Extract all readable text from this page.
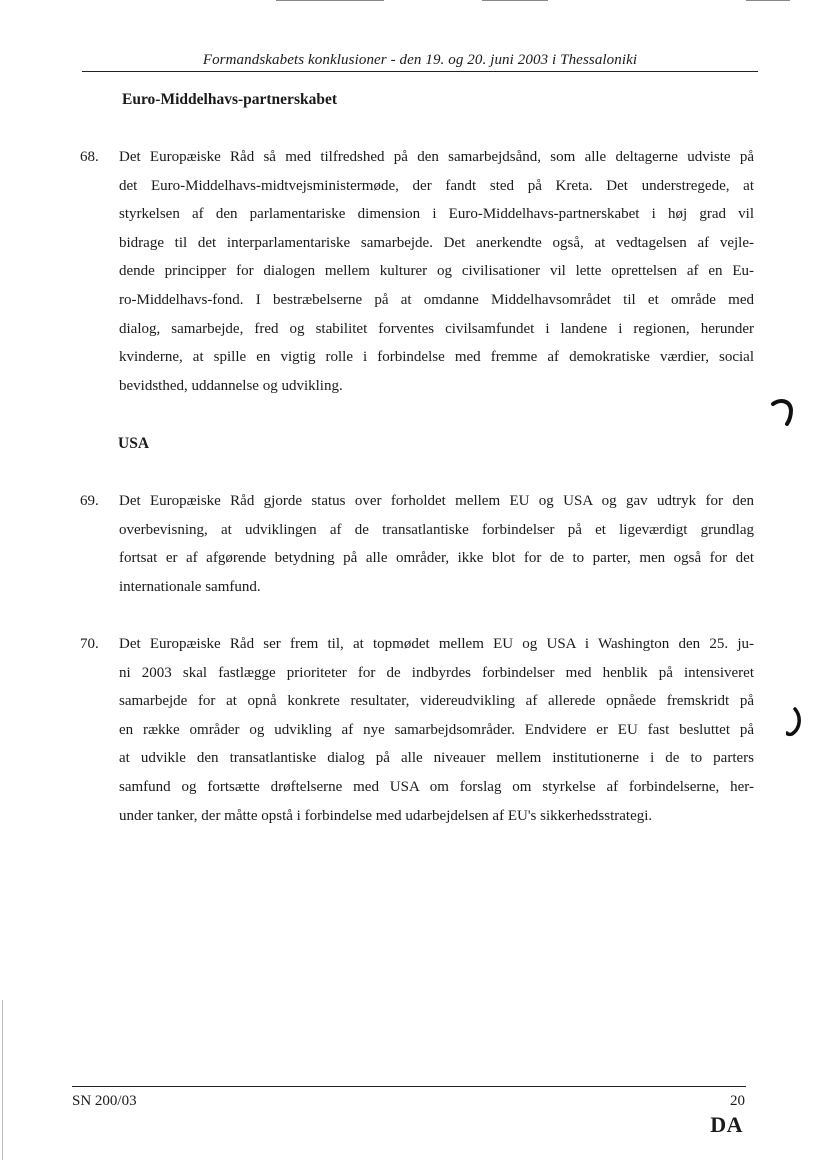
Formandskabets konklusioner - den 19. og 20. juni 2003 i Thessaloniki
Euro-Middelhavs-partnerskabet
68. Det Europæiske Råd så med tilfredshed på den samarbejdsånd, som alle deltagerne udviste på
det Euro-Middelhavs-midtvejsministermøde, der fandt sted på Kreta. Det understregede, at
styrkelsen af den parlamentariske dimension i Euro-Middelhavs-partnerskabet i høj grad vil
bidrage til det interparlamentariske samarbejde. Det anerkendte også, at vedtagelsen af vejle-
dende principper for dialogen mellem kulturer og civilisationer vil lette oprettelsen af en Eu-
ro-Middelhavs-fond. I bestræbelserne på at omdanne Middelhavsområdet til et område med
dialog, samarbejde, fred og stabilitet forventes civilsamfundet i landene i regionen, herunder
kvinderne, at spille en vigtig rolle i forbindelse med fremme af demokratiske værdier, social
bevidsthed, uddannelse og udvikling.
USA
69. Det Europæiske Råd gjorde status over forholdet mellem EU og USA og gav udtryk for den
overbevisning, at udviklingen af de transatlantiske forbindelser på et ligeværdigt grundlag
fortsat er af afgørende betydning på alle områder, ikke blot for de to parter, men også for det
internationale samfund.
70. Det Europæiske Råd ser frem til, at topmødet mellem EU og USA i Washington den 25. ju-
ni 2003 skal fastlægge prioriteter for de indbyrdes forbindelser med henblik på intensiveret
samarbejde for at opnå konkrete resultater, videreudvikling af allerede opnåede fremskridt på
en række områder og udvikling af nye samarbejdsområder. Endvidere er EU fast besluttet på
at udvikle den transatlantiske dialog på alle niveauer mellem institutionerne i de to parters
samfund og fortsætte drøftelserne med USA om forslag om styrkelse af forbindelserne, her-
under tanker, der måtte opstå i forbindelse med udarbejdelsen af EU's sikkerhedsstrategi.
SN 200/03	20
DA
